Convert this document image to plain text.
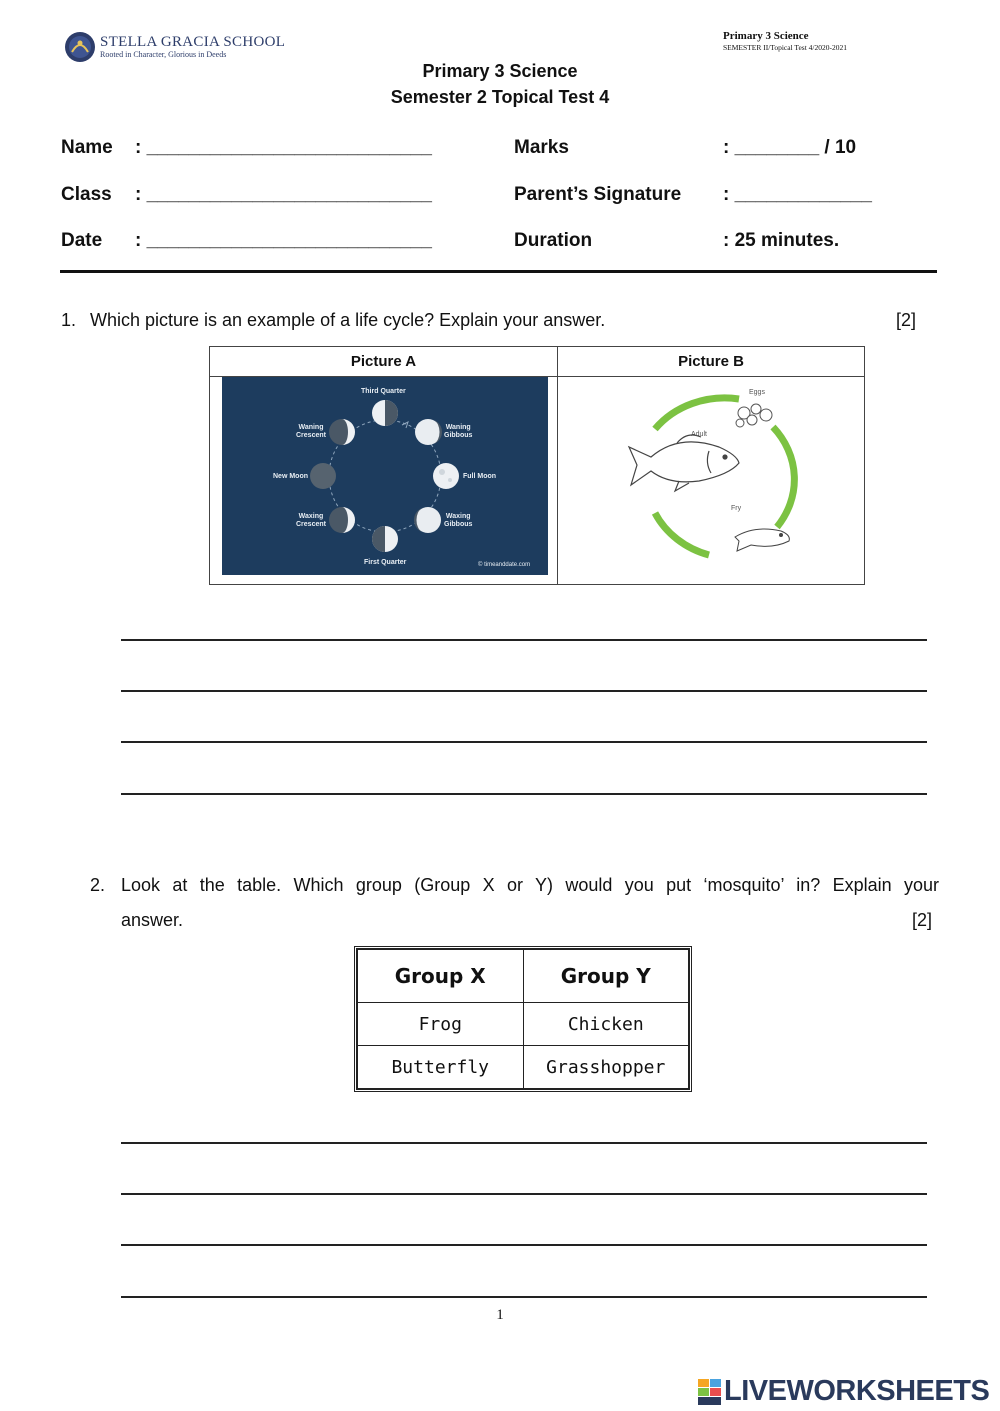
STELLA GRACIA SCHOOL
Rooted in Character, Glorious in Deeds
Primary 3 Science
SEMESTER II/Topical Test 4/2020-2021
Primary 3 Science
Semester 2 Topical Test 4
Name : ___________________________
Class : ___________________________
Date : ___________________________
Marks	: ________ / 10
Parent’s Signature : _____________
Duration	: 25 minutes.
1. Which picture is an example of a life cycle? Explain your answer.	[2]
Picture A	Picture B
Third Quarter
Waning
Gibbous
Full Moon
Waxing
Gibbous
First Quarter
Waxing
Crescent
New Moon
Waning
Crescent
© timeanddate.com
Eggs
Adult
Fry
2. Look at the table. Which group (Group X or Y) would you put ‘mosquito’ in? Explain your
answer.	[2]
Group X	Group Y
Frog	Chicken
Butterfly	Grasshopper
1
LIVEWORKSHEETS
